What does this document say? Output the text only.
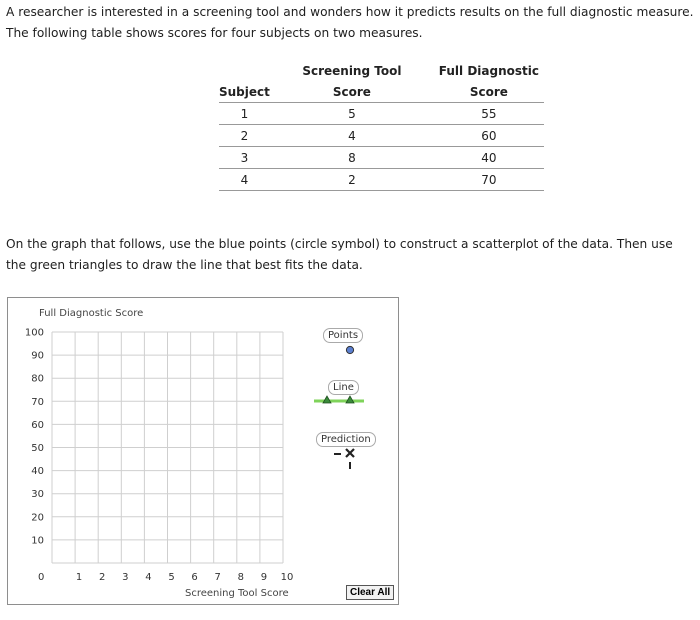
A researcher is interested in a screening tool and wonders how it predicts results on the full diagnostic measure. The following table shows scores for four subjects on two measures.
	Screening Tool	Full Diagnostic
Subject	Score	Score
1	5	55
2	4	60
3	8	40
4	2	70
On the graph that follows, use the blue points (circle symbol) to construct a scatterplot of the data. Then use the green triangles to draw the line that best fits the data.
Full Diagnostic Score
Screening Tool Score
100
90
80
70
60
50
40
30
20
10
1 2 3 4 5 6 7 8 9 10
0
Points
Line
Prediction
Clear All
